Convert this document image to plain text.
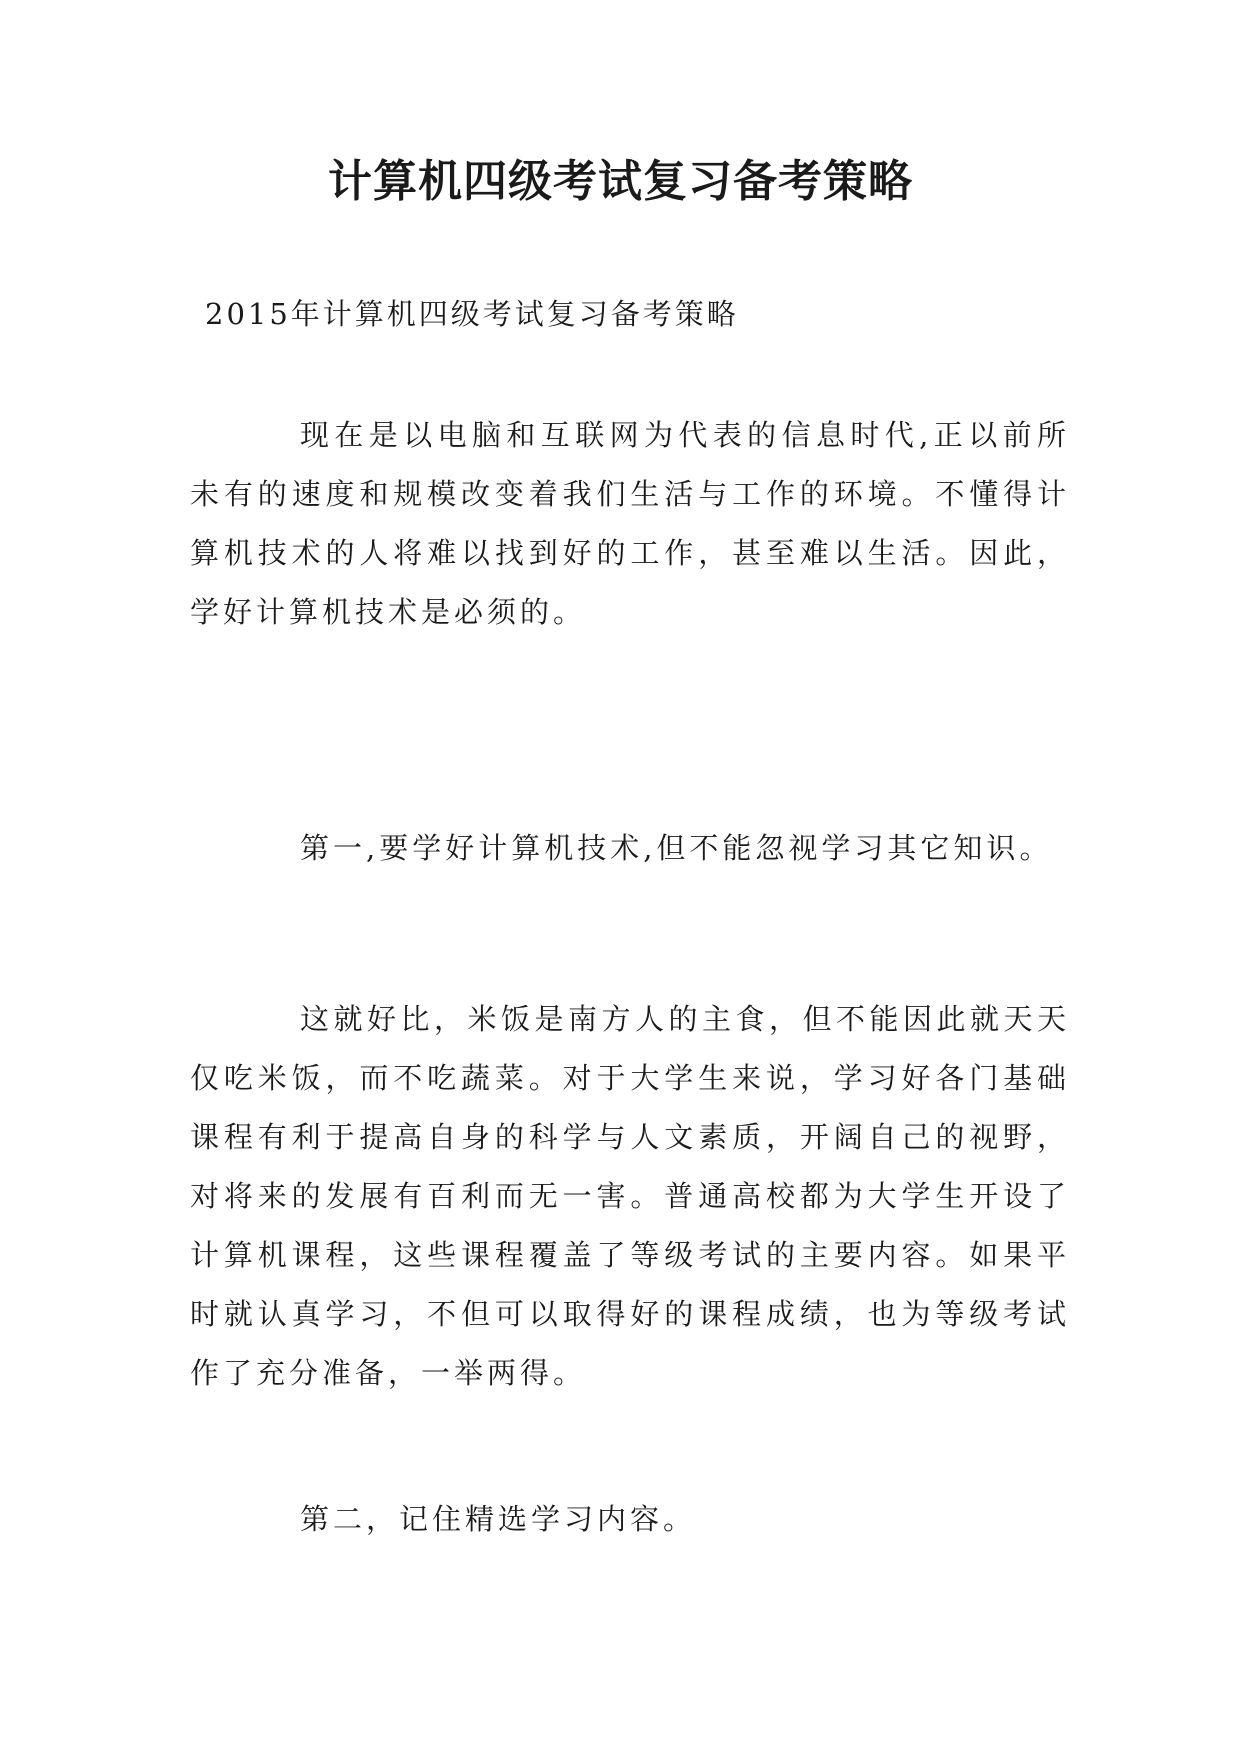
计算机四级考试复习备考策略

2015年计算机四级考试复习备考策略

现在是以电脑和互联网为代表的信息时代,正以前所未有的速度和规模改变着我们生活与工作的环境。不懂得计算机技术的人将难以找到好的工作，甚至难以生活。因此，学好计算机技术是必须的。

第一,要学好计算机技术,但不能忽视学习其它知识。

这就好比，米饭是南方人的主食，但不能因此就天天仅吃米饭，而不吃蔬菜。对于大学生来说，学习好各门基础课程有利于提高自身的科学与人文素质，开阔自己的视野，对将来的发展有百利而无一害。普通高校都为大学生开设了计算机课程，这些课程覆盖了等级考试的主要内容。如果平时就认真学习，不但可以取得好的课程成绩，也为等级考试作了充分准备，一举两得。

第二，记住精选学习内容。
